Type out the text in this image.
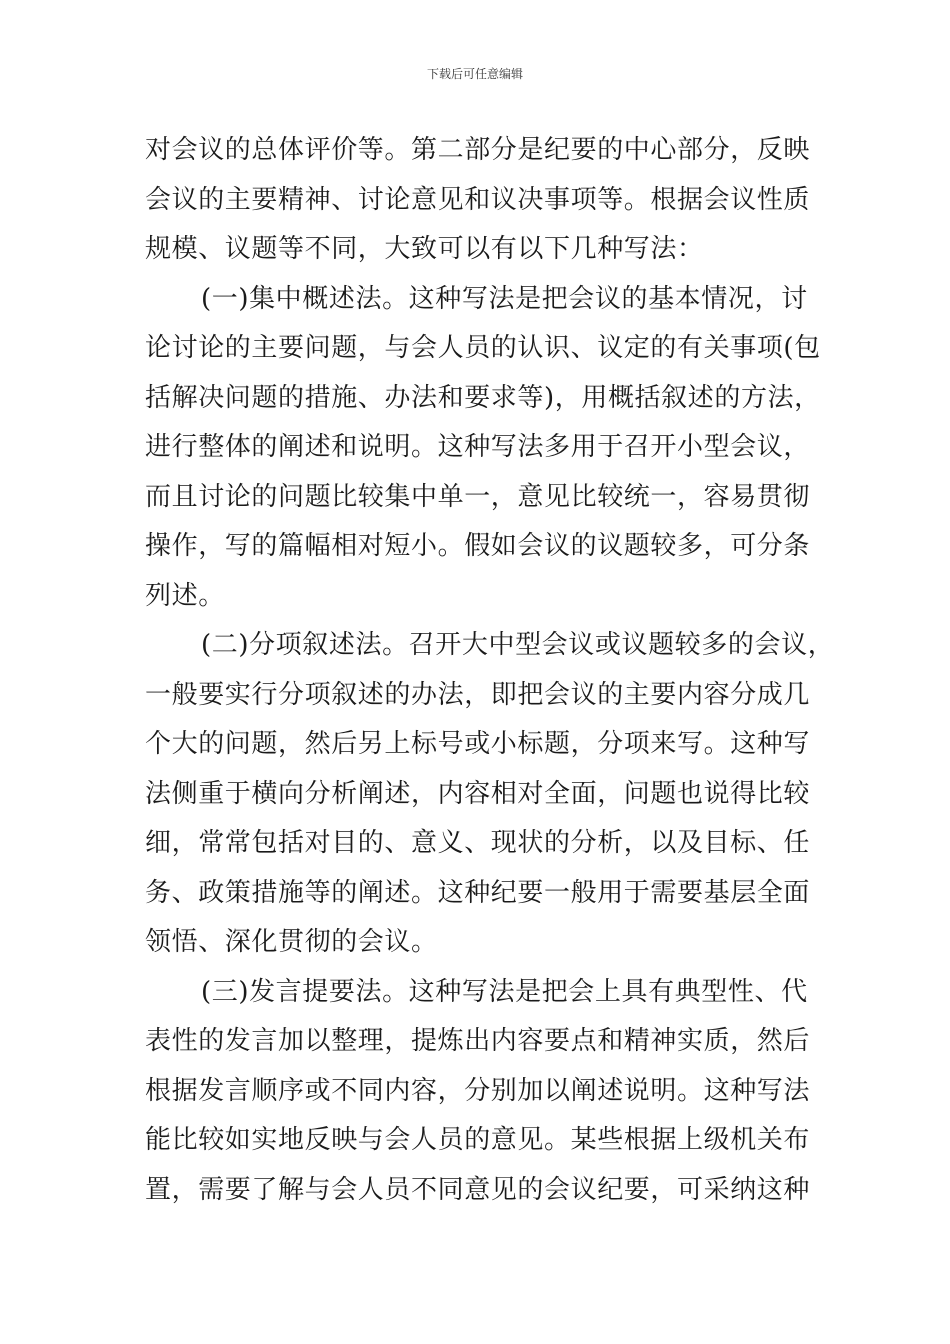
下载后可任意编辑
对会议的总体评价等。第二部分是纪要的中心部分，反映
会议的主要精神、讨论意见和议决事项等。根据会议性质
规模、议题等不同，大致可以有以下几种写法：
(一)集中概述法。这种写法是把会议的基本情况，讨
论讨论的主要问题，与会人员的认识、议定的有关事项(包
括解决问题的措施、办法和要求等)，用概括叙述的方法，
进行整体的阐述和说明。这种写法多用于召开小型会议，
而且讨论的问题比较集中单一，意见比较统一，容易贯彻
操作，写的篇幅相对短小。假如会议的议题较多，可分条
列述。
(二)分项叙述法。召开大中型会议或议题较多的会议，
一般要实行分项叙述的办法，即把会议的主要内容分成几
个大的问题，然后另上标号或小标题，分项来写。这种写
法侧重于横向分析阐述，内容相对全面，问题也说得比较
细，常常包括对目的、意义、现状的分析，以及目标、任
务、政策措施等的阐述。这种纪要一般用于需要基层全面
领悟、深化贯彻的会议。
(三)发言提要法。这种写法是把会上具有典型性、代
表性的发言加以整理，提炼出内容要点和精神实质，然后
根据发言顺序或不同内容，分别加以阐述说明。这种写法
能比较如实地反映与会人员的意见。某些根据上级机关布
置，需要了解与会人员不同意见的会议纪要，可采纳这种
